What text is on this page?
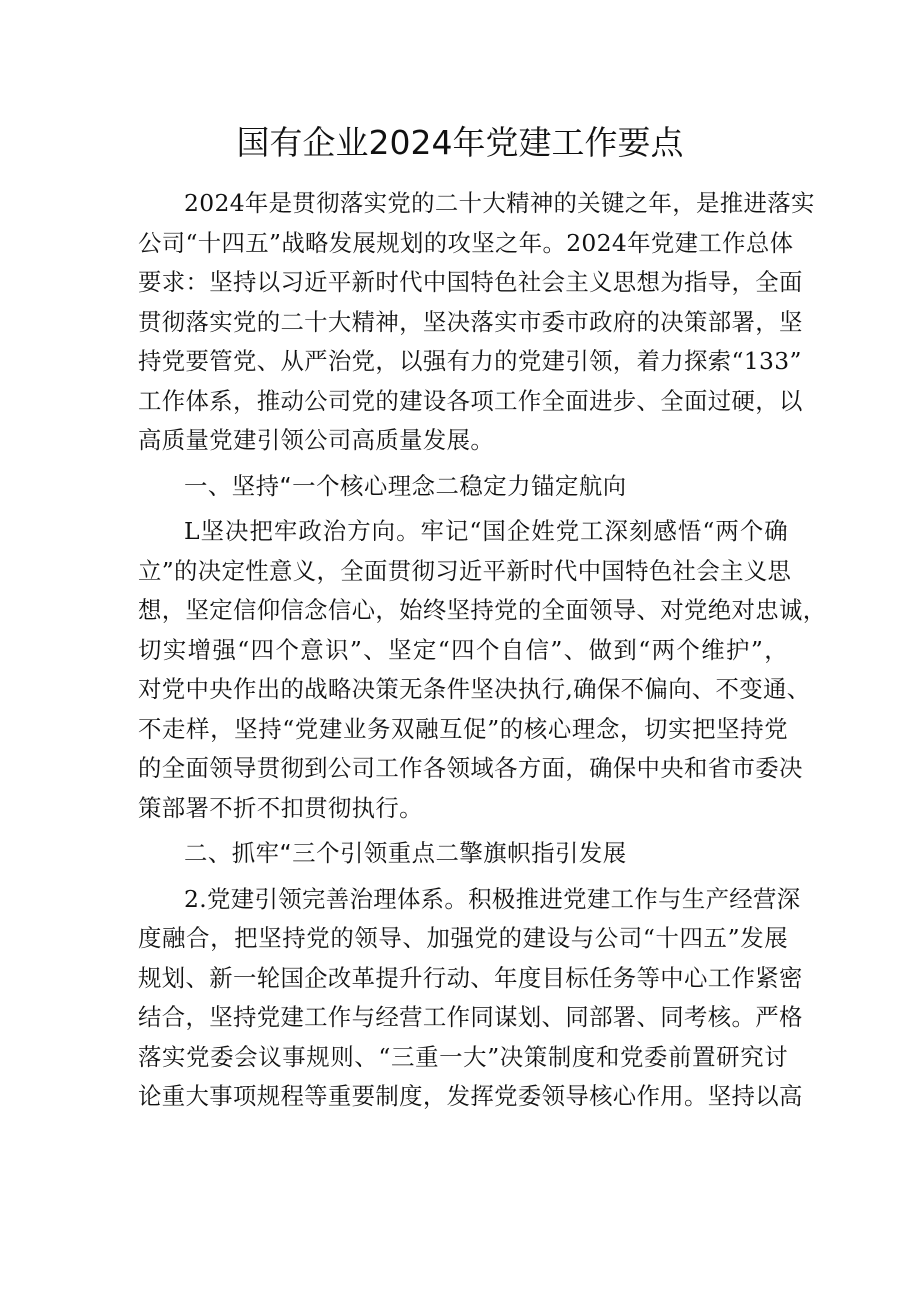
国有企业2024年党建工作要点
2024年是贯彻落实党的二十大精神的关键之年，是推进落实
公司“十四五”战略发展规划的攻坚之年。2024年党建工作总体
要求：坚持以习近平新时代中国特色社会主义思想为指导，全面
贯彻落实党的二十大精神，坚决落实市委市政府的决策部署，坚
持党要管党、从严治党，以强有力的党建引领，着力探索“133”
工作体系，推动公司党的建设各项工作全面进步、全面过硬，以
高质量党建引领公司高质量发展。
一、坚持“一个核心理念二稳定力锚定航向
L坚决把牢政治方向。牢记“国企姓党工深刻感悟“两个确
立”的决定性意义，全面贯彻习近平新时代中国特色社会主义思
想，坚定信仰信念信心，始终坚持党的全面领导、对党绝对忠诚，
切实增强“四个意识”、坚定“四个自信”、做到“两个维护”，
对党中央作出的战略决策无条件坚决执行,确保不偏向、不变通、
不走样，坚持“党建业务双融互促”的核心理念，切实把坚持党
的全面领导贯彻到公司工作各领域各方面，确保中央和省市委决
策部署不折不扣贯彻执行。
二、抓牢“三个引领重点二擎旗帜指引发展
2.党建引领完善治理体系。积极推进党建工作与生产经营深
度融合，把坚持党的领导、加强党的建设与公司“十四五”发展
规划、新一轮国企改革提升行动、年度目标任务等中心工作紧密
结合，坚持党建工作与经营工作同谋划、同部署、同考核。严格
落实党委会议事规则、“三重一大”决策制度和党委前置研究讨
论重大事项规程等重要制度，发挥党委领导核心作用。坚持以高
